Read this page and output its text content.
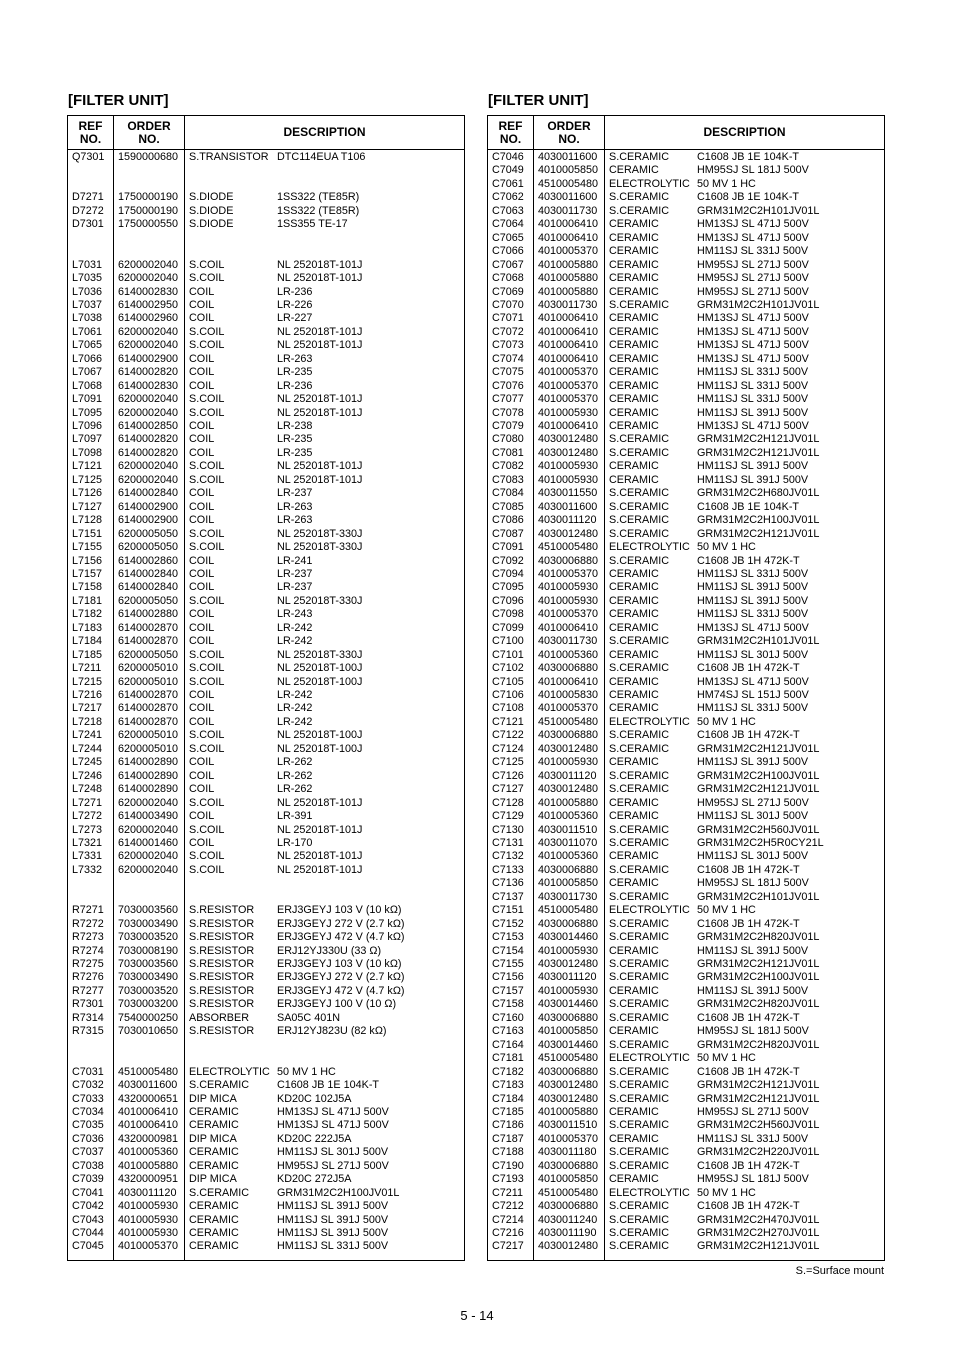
[FILTER UNIT]	[FILTER UNIT]
REF
NO.
ORDER
NO.	DESCRIPTION
Q7301 1590000680 S.TRANSISTOR DTC114EUA T106
D7271 1750000190 S.DIODE	1SS322 (TE85R)
D7272 1750000190 S.DIODE	1SS322 (TE85R)
D7301 1750000550 S.DIODE	1SS355 TE-17
L7031 6200002040 S.COIL	NL 252018T-101J
L7035 6200002040 S.COIL	NL 252018T-101J
L7036 6140002830 COIL	LR-236
L7037 6140002950 COIL	LR-226
L7038 6140002960 COIL	LR-227
L7061 6200002040 S.COIL	NL 252018T-101J
L7065 6200002040 S.COIL	NL 252018T-101J
L7066 6140002900 COIL	LR-263
L7067 6140002820 COIL	LR-235
L7068 6140002830 COIL	LR-236
L7091 6200002040 S.COIL	NL 252018T-101J
L7095 6200002040 S.COIL	NL 252018T-101J
L7096 6140002850 COIL	LR-238
L7097 6140002820 COIL	LR-235
L7098 6140002820 COIL	LR-235
L7121 6200002040 S.COIL	NL 252018T-101J
L7125 6200002040 S.COIL	NL 252018T-101J
L7126 6140002840 COIL	LR-237
L7127 6140002900 COIL	LR-263
L7128 6140002900 COIL	LR-263
L7151 6200005050 S.COIL	NL 252018T-330J
L7155 6200005050 S.COIL	NL 252018T-330J
L7156 6140002860 COIL	LR-241
L7157 6140002840 COIL	LR-237
L7158 6140002840 COIL	LR-237
L7181 6200005050 S.COIL	NL 252018T-330J
L7182 6140002880 COIL	LR-243
L7183 6140002870 COIL	LR-242
L7184 6140002870 COIL	LR-242
L7185 6200005050 S.COIL	NL 252018T-330J
L7211 6200005010 S.COIL	NL 252018T-100J
L7215 6200005010 S.COIL	NL 252018T-100J
L7216 6140002870 COIL	LR-242
L7217 6140002870 COIL	LR-242
L7218 6140002870 COIL	LR-242
L7241 6200005010 S.COIL	NL 252018T-100J
L7244 6200005010 S.COIL	NL 252018T-100J
L7245 6140002890 COIL	LR-262
L7246 6140002890 COIL	LR-262
L7248 6140002890 COIL	LR-262
L7271 6200002040 S.COIL	NL 252018T-101J
L7272 6140003490 COIL	LR-391
L7273 6200002040 S.COIL	NL 252018T-101J
L7321 6140001460 COIL	LR-170
L7331 6200002040 S.COIL	NL 252018T-101J
L7332 6200002040 S.COIL	NL 252018T-101J
R7271 7030003560 S.RESISTOR ERJ3GEYJ 103 V (10 kΩ)
R7272 7030003490 S.RESISTOR ERJ3GEYJ 272 V (2.7 kΩ)
R7273 7030003520 S.RESISTOR ERJ3GEYJ 472 V (4.7 kΩ)
R7274 7030008190 S.RESISTOR ERJ12YJ330U (33 Ω)
R7275 7030003560 S.RESISTOR ERJ3GEYJ 103 V (10 kΩ)
R7276 7030003490 S.RESISTOR ERJ3GEYJ 272 V (2.7 kΩ)
R7277 7030003520 S.RESISTOR ERJ3GEYJ 472 V (4.7 kΩ)
R7301 7030003200 S.RESISTOR ERJ3GEYJ 100 V (10 Ω)
R7314 7540000250 ABSORBER	SA05C 401N
R7315 7030010650 S.RESISTOR ERJ12YJ823U (82 kΩ)
C7031 4510005480 ELECTROLYTIC 50 MV 1 HC
C7032 4030011600 S.CERAMIC	C1608 JB 1E 104K-T
C7033 4320000651 DIP MICA	KD20C 102J5A
C7034 4010006410 CERAMIC	HM13SJ SL 471J 500V
C7035 4010006410 CERAMIC	HM13SJ SL 471J 500V
C7036 4320000981 DIP MICA	KD20C 222J5A
C7037 4010005360 CERAMIC	HM11SJ SL 301J 500V
C7038 4010005880 CERAMIC	HM95SJ SL 271J 500V
C7039 4320000951 DIP MICA	KD20C 272J5A
C7041 4030011120 S.CERAMIC	GRM31M2C2H100JV01L
C7042 4010005930 CERAMIC	HM11SJ SL 391J 500V
C7043 4010005930 CERAMIC	HM11SJ SL 391J 500V
C7044 4010005930 CERAMIC	HM11SJ SL 391J 500V
C7045 4010005370 CERAMIC	HM11SJ SL 331J 500V
REF
NO.
ORDER
NO.	DESCRIPTION
C7046 4030011600 S.CERAMIC	C1608 JB 1E 104K-T
C7049 4010005850 CERAMIC	HM95SJ SL 181J 500V
C7061 4510005480 ELECTROLYTIC 50 MV 1 HC
C7062 4030011600 S.CERAMIC	C1608 JB 1E 104K-T
C7063 4030011730 S.CERAMIC	GRM31M2C2H101JV01L
C7064 4010006410 CERAMIC	HM13SJ SL 471J 500V
C7065 4010006410 CERAMIC	HM13SJ SL 471J 500V
C7066 4010005370 CERAMIC	HM11SJ SL 331J 500V
C7067 4010005880 CERAMIC	HM95SJ SL 271J 500V
C7068 4010005880 CERAMIC	HM95SJ SL 271J 500V
C7069 4010005880 CERAMIC	HM95SJ SL 271J 500V
C7070 4030011730 S.CERAMIC	GRM31M2C2H101JV01L
C7071 4010006410 CERAMIC	HM13SJ SL 471J 500V
C7072 4010006410 CERAMIC	HM13SJ SL 471J 500V
C7073 4010006410 CERAMIC	HM13SJ SL 471J 500V
C7074 4010006410 CERAMIC	HM13SJ SL 471J 500V
C7075 4010005370 CERAMIC	HM11SJ SL 331J 500V
C7076 4010005370 CERAMIC	HM11SJ SL 331J 500V
C7077 4010005370 CERAMIC	HM11SJ SL 331J 500V
C7078 4010005930 CERAMIC	HM11SJ SL 391J 500V
C7079 4010006410 CERAMIC	HM13SJ SL 471J 500V
C7080 4030012480 S.CERAMIC	GRM31M2C2H121JV01L
C7081 4030012480 S.CERAMIC	GRM31M2C2H121JV01L
C7082 4010005930 CERAMIC	HM11SJ SL 391J 500V
C7083 4010005930 CERAMIC	HM11SJ SL 391J 500V
C7084 4030011550 S.CERAMIC	GRM31M2C2H680JV01L
C7085 4030011600 S.CERAMIC	C1608 JB 1E 104K-T
C7086 4030011120 S.CERAMIC	GRM31M2C2H100JV01L
C7087 4030012480 S.CERAMIC	GRM31M2C2H121JV01L
C7091 4510005480 ELECTROLYTIC 50 MV 1 HC
C7092 4030006880 S.CERAMIC	C1608 JB 1H 472K-T
C7094 4010005370 CERAMIC	HM11SJ SL 331J 500V
C7095 4010005930 CERAMIC	HM11SJ SL 391J 500V
C7096 4010005930 CERAMIC	HM11SJ SL 391J 500V
C7098 4010005370 CERAMIC	HM11SJ SL 331J 500V
C7099 4010006410 CERAMIC	HM13SJ SL 471J 500V
C7100 4030011730 S.CERAMIC	GRM31M2C2H101JV01L
C7101 4010005360 CERAMIC	HM11SJ SL 301J 500V
C7102 4030006880 S.CERAMIC	C1608 JB 1H 472K-T
C7105 4010006410 CERAMIC	HM13SJ SL 471J 500V
C7106 4010005830 CERAMIC	HM74SJ SL 151J 500V
C7108 4010005370 CERAMIC	HM11SJ SL 331J 500V
C7121 4510005480 ELECTROLYTIC 50 MV 1 HC
C7122 4030006880 S.CERAMIC	C1608 JB 1H 472K-T
C7124 4030012480 S.CERAMIC	GRM31M2C2H121JV01L
C7125 4010005930 CERAMIC	HM11SJ SL 391J 500V
C7126 4030011120 S.CERAMIC	GRM31M2C2H100JV01L
C7127 4030012480 S.CERAMIC	GRM31M2C2H121JV01L
C7128 4010005880 CERAMIC	HM95SJ SL 271J 500V
C7129 4010005360 CERAMIC	HM11SJ SL 301J 500V
C7130 4030011510 S.CERAMIC	GRM31M2C2H560JV01L
C7131 4030011070 S.CERAMIC	GRM31M2C2H5R0CY21L
C7132 4010005360 CERAMIC	HM11SJ SL 301J 500V
C7133 4030006880 S.CERAMIC	C1608 JB 1H 472K-T
C7136 4010005850 CERAMIC	HM95SJ SL 181J 500V
C7137 4030011730 S.CERAMIC	GRM31M2C2H101JV01L
C7151 4510005480 ELECTROLYTIC 50 MV 1 HC
C7152 4030006880 S.CERAMIC	C1608 JB 1H 472K-T
C7153 4030014460 S.CERAMIC	GRM31M2C2H820JV01L
C7154 4010005930 CERAMIC	HM11SJ SL 391J 500V
C7155 4030012480 S.CERAMIC	GRM31M2C2H121JV01L
C7156 4030011120 S.CERAMIC	GRM31M2C2H100JV01L
C7157 4010005930 CERAMIC	HM11SJ SL 391J 500V
C7158 4030014460 S.CERAMIC	GRM31M2C2H820JV01L
C7160 4030006880 S.CERAMIC	C1608 JB 1H 472K-T
C7163 4010005850 CERAMIC	HM95SJ SL 181J 500V
C7164 4030014460 S.CERAMIC	GRM31M2C2H820JV01L
C7181 4510005480 ELECTROLYTIC 50 MV 1 HC
C7182 4030006880 S.CERAMIC	C1608 JB 1H 472K-T
C7183 4030012480 S.CERAMIC	GRM31M2C2H121JV01L
C7184 4030012480 S.CERAMIC	GRM31M2C2H121JV01L
C7185 4010005880 CERAMIC	HM95SJ SL 271J 500V
C7186 4030011510 S.CERAMIC	GRM31M2C2H560JV01L
C7187 4010005370 CERAMIC	HM11SJ SL 331J 500V
C7188 4030011180 S.CERAMIC	GRM31M2C2H220JV01L
C7190 4030006880 S.CERAMIC	C1608 JB 1H 472K-T
C7193 4010005850 CERAMIC	HM95SJ SL 181J 500V
C7211 4510005480 ELECTROLYTIC 50 MV 1 HC
C7212 4030006880 S.CERAMIC	C1608 JB 1H 472K-T
C7214 4030011240 S.CERAMIC	GRM31M2C2H470JV01L
C7216 4030011190 S.CERAMIC	GRM31M2C2H270JV01L
C7217 4030012480 S.CERAMIC	GRM31M2C2H121JV01L
S.=Surface mount
5 - 14
